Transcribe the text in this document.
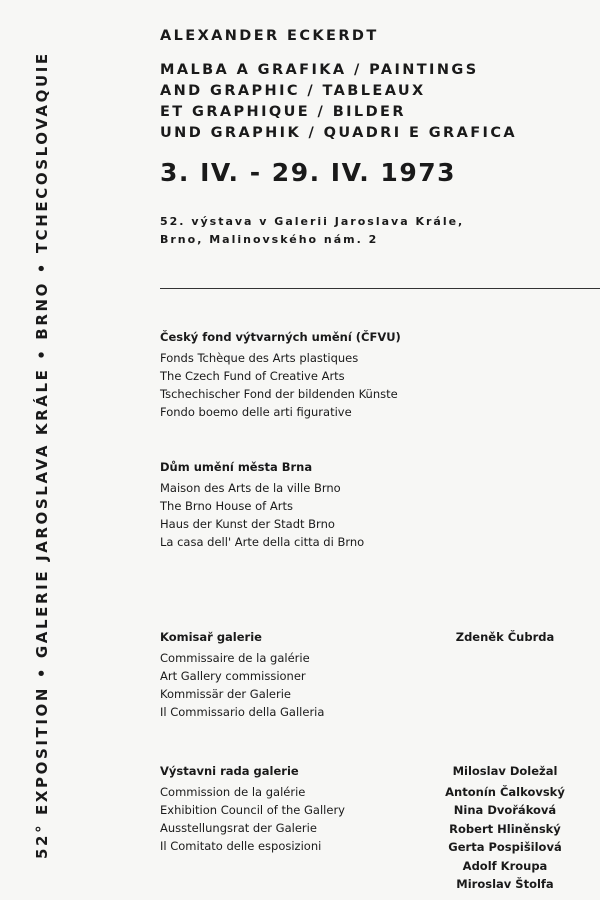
52° EXPOSITION • GALERIE JAROSLAVA KRÁLE • BRNO • TCHECOSLOVAQUIE
ALEXANDER ECKERDT
MALBA A GRAFIKA / PAINTINGS
AND GRAPHIC / TABLEAUX
ET GRAPHIQUE / BILDER
UND GRAPHIK / QUADRI E GRAFICA
3. IV. - 29. IV. 1973
52. výstava v Galerii Jaroslava Krále,
Brno, Malinovského nám. 2
Český fond výtvarných umění (ČFVU)
Fonds Tchèque des Arts plastiques
The Czech Fund of Creative Arts
Tschechischer Fond der bildenden Künste
Fondo boemo delle arti figurative
Dům umění města Brna
Maison des Arts de la ville Brno
The Brno House of Arts
Haus der Kunst der Stadt Brno
La casa dell' Arte della citta di Brno
Komisař galerie
Commissaire de la galérie
Art Gallery commissioner
Kommissär der Galerie
Il Commissario della Galleria
Zdeněk Čubrda
Výstavni rada galerie
Commission de la galérie
Exhibition Council of the Gallery
Ausstellungsrat der Galerie
Il Comitato delle esposizioni
Miloslav Doležal
Antonín Čalkovský
Nina Dvořáková
Robert Hliněnský
Gerta Pospišilová
Adolf Kroupa
Miroslav Štolfa
